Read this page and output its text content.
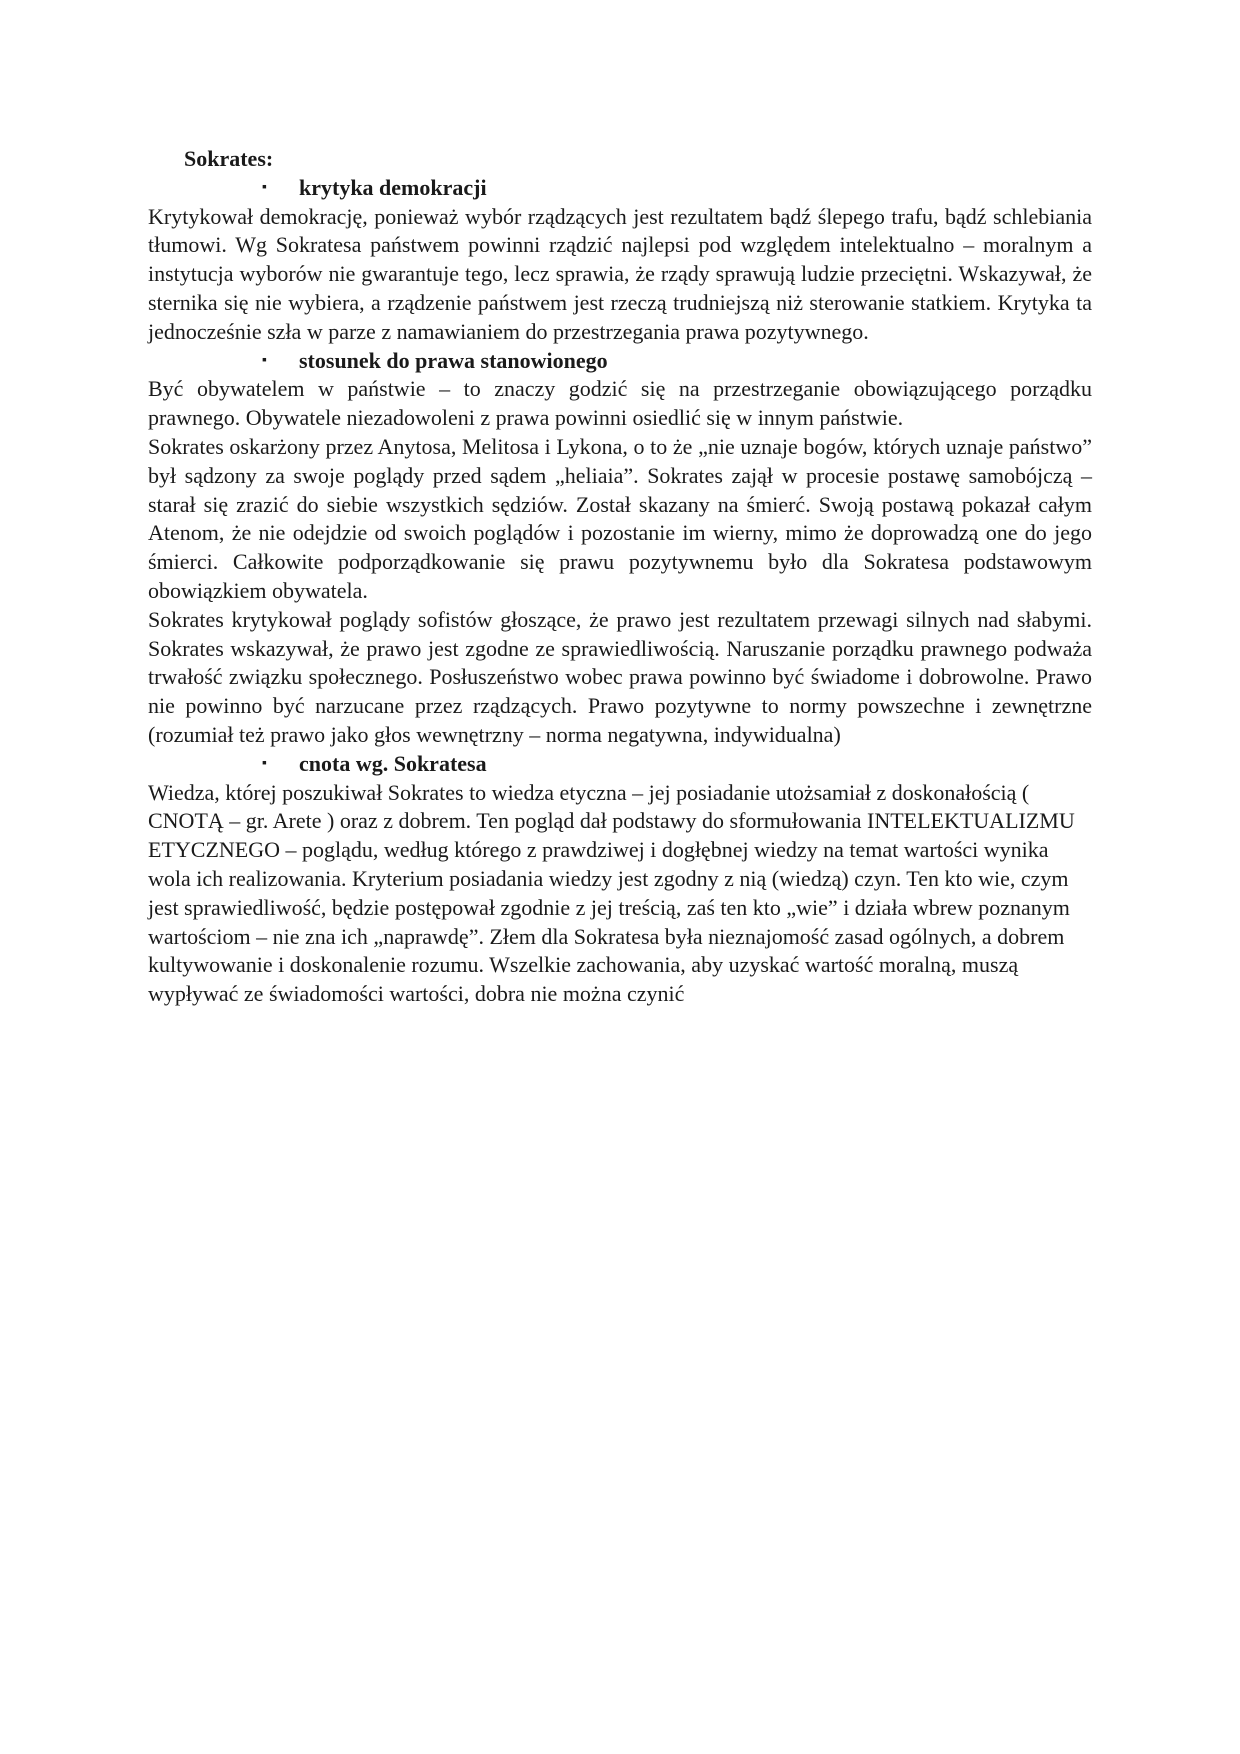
Sokrates:
▪ krytyka demokracji

Krytykował demokrację, ponieważ wybór rządzących jest rezultatem bądź ślepego trafu, bądź schlebiania tłumowi. Wg Sokratesa państwem powinni rządzić najlepsi pod względem intelektualno – moralnym a instytucja wyborów nie gwarantuje tego, lecz sprawia, że rządy sprawują ludzie przeciętni. Wskazywał, że sternika się nie wybiera, a rządzenie państwem jest rzeczą trudniejszą niż sterowanie statkiem. Krytyka ta jednocześnie szła w parze z namawianiem do przestrzegania prawa pozytywnego.

▪ stosunek do prawa stanowionego

Być obywatelem w państwie – to znaczy godzić się na przestrzeganie obowiązującego porządku prawnego. Obywatele niezadowoleni z prawa powinni osiedlić się w innym państwie.

Sokrates oskarżony przez Anytosa, Melitosa i Lykona, o to że „nie uznaje bogów, których uznaje państwo” był sądzony za swoje poglądy przed sądem „heliaia”. Sokrates zajął w procesie postawę samobójczą – starał się zrazić do siebie wszystkich sędziów. Został skazany na śmierć. Swoją postawą pokazał całym Atenom, że nie odejdzie od swoich poglądów i pozostanie im wierny, mimo że doprowadzą one do jego śmierci. Całkowite podporządkowanie się prawu pozytywnemu było dla Sokratesa podstawowym obowiązkiem obywatela.

Sokrates krytykował poglądy sofistów głoszące, że prawo jest rezultatem przewagi silnych nad słabymi. Sokrates wskazywał, że prawo jest zgodne ze sprawiedliwością. Naruszanie porządku prawnego podważa trwałość związku społecznego. Posłuszeństwo wobec prawa powinno być świadome i dobrowolne. Prawo nie powinno być narzucane przez rządzących. Prawo pozytywne to normy powszechne i zewnętrzne (rozumiał też prawo jako głos wewnętrzny – norma negatywna, indywidualna)

▪ cnota wg. Sokratesa

Wiedza, której poszukiwał Sokrates to wiedza etyczna – jej posiadanie utożsamiał z doskonałością ( CNOTĄ – gr. Arete ) oraz z dobrem. Ten pogląd dał podstawy do sformułowania INTELEKTUALIZMU ETYCZNEGO – poglądu, według którego z prawdziwej i dogłębnej wiedzy na temat wartości wynika wola ich realizowania. Kryterium posiadania wiedzy jest zgodny z nią (wiedzą) czyn. Ten kto wie, czym jest sprawiedliwość, będzie postępował zgodnie z jej treścią, zaś ten kto „wie” i działa wbrew poznanym wartościom – nie zna ich „naprawdę”. Złem dla Sokratesa była nieznajomość zasad ogólnych, a dobrem kultywowanie i doskonalenie rozumu. Wszelkie zachowania, aby uzyskać wartość moralną, muszą wypływać ze świadomości wartości, dobra nie można czynić
